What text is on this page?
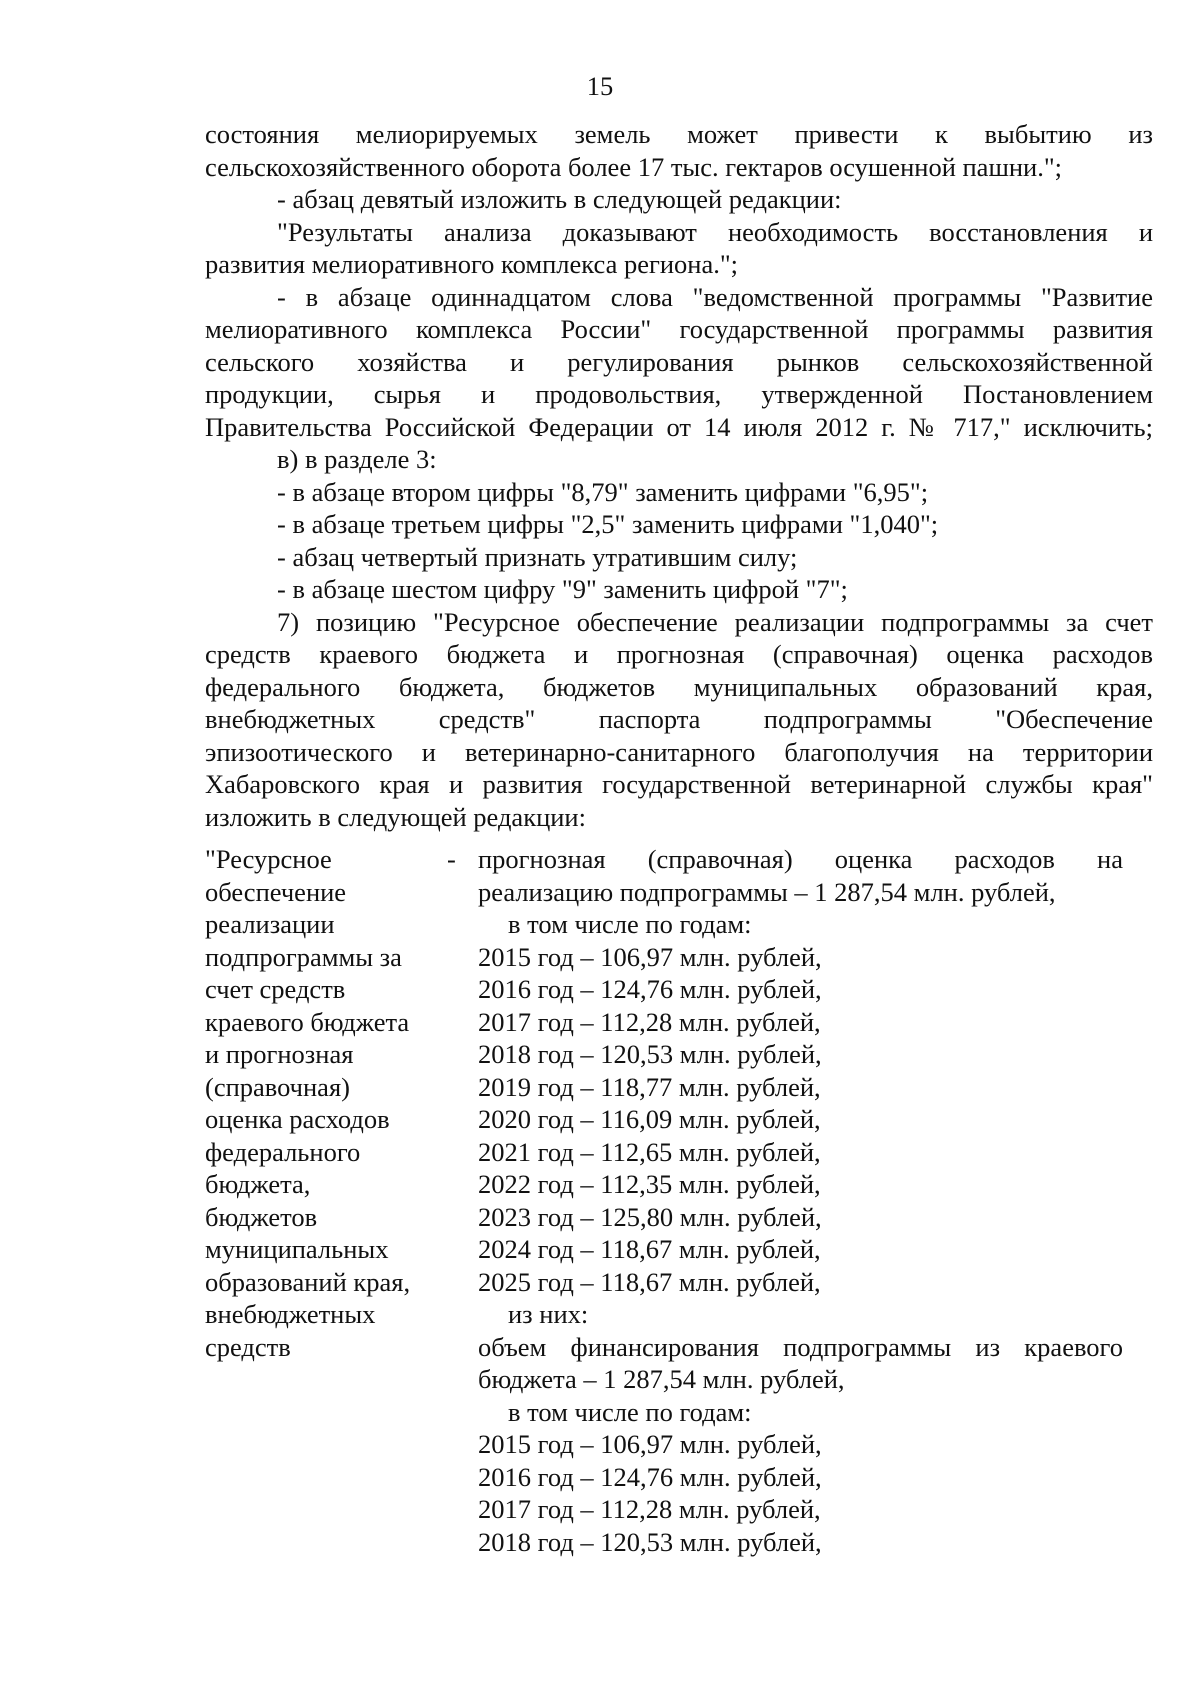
15
состояния мелиорируемых земель может привести к выбытию из
сельскохозяйственного оборота более 17 тыс. гектаров осушенной пашни.";
- абзац девятый изложить в следующей редакции:
"Результаты анализа доказывают необходимость восстановления и
развития мелиоративного комплекса региона.";
- в абзаце одиннадцатом слова "ведомственной программы "Развитие
мелиоративного комплекса России" государственной программы развития
сельского хозяйства и регулирования рынков сельскохозяйственной
продукции, сырья и продовольствия, утвержденной Постановлением
Правительства Российской Федерации от 14 июля 2012 г. № 717," исключить;
в) в разделе 3:
- в абзаце втором цифры "8,79" заменить цифрами "6,95";
- в абзаце третьем цифры "2,5" заменить цифрами "1,040";
- абзац четвертый признать утратившим силу;
- в абзаце шестом цифру "9" заменить цифрой "7";
7) позицию "Ресурсное обеспечение реализации подпрограммы за счет
средств краевого бюджета и прогнозная (справочная) оценка расходов
федерального бюджета, бюджетов муниципальных образований края,
внебюджетных средств" паспорта подпрограммы "Обеспечение
эпизоотического и ветеринарно-санитарного благополучия на территории
Хабаровского края и развития государственной ветеринарной службы края"
изложить в следующей редакции:
"Ресурсное
обеспечение
реализации
подпрограммы за
счет средств
краевого бюджета
и прогнозная
(справочная)
оценка расходов
федерального
бюджета,
бюджетов
муниципальных
образований края,
внебюджетных
средств
- прогнозная (справочная) оценка расходов на
реализацию подпрограммы – 1 287,54 млн. рублей,
в том числе по годам:
2015 год – 106,97 млн. рублей,
2016 год – 124,76 млн. рублей,
2017 год – 112,28 млн. рублей,
2018 год – 120,53 млн. рублей,
2019 год – 118,77 млн. рублей,
2020 год – 116,09 млн. рублей,
2021 год – 112,65 млн. рублей,
2022 год – 112,35 млн. рублей,
2023 год – 125,80 млн. рублей,
2024 год – 118,67 млн. рублей,
2025 год – 118,67 млн. рублей,
из них:
объем финансирования подпрограммы из краевого
бюджета – 1 287,54 млн. рублей,
в том числе по годам:
2015 год – 106,97 млн. рублей,
2016 год – 124,76 млн. рублей,
2017 год – 112,28 млн. рублей,
2018 год – 120,53 млн. рублей,
